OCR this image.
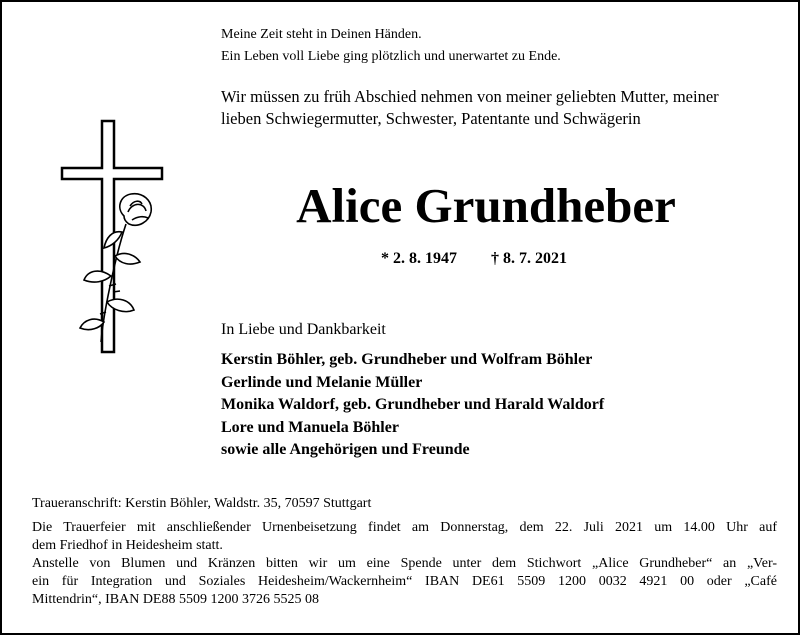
Meine Zeit steht in Deinen Händen.
Ein Leben voll Liebe ging plötzlich und unerwartet zu Ende.
Wir müssen zu früh Abschied nehmen von meiner geliebten Mutter, meiner
lieben Schwiegermutter, Schwester, Patentante und Schwägerin
Alice Grundheber
* 2. 8. 1947 † 8. 7. 2021
In Liebe und Dankbarkeit
Kerstin Böhler, geb. Grundheber und Wolfram Böhler
Gerlinde und Melanie Müller
Monika Waldorf, geb. Grundheber und Harald Waldorf
Lore und Manuela Böhler
sowie alle Angehörigen und Freunde
Traueranschrift: Kerstin Böhler, Waldstr. 35, 70597 Stuttgart
Die Trauerfeier mit anschließender Urnenbeisetzung findet am Donnerstag, dem 22. Juli 2021 um 14.00 Uhr auf
dem Friedhof in Heidesheim statt.
Anstelle von Blumen und Kränzen bitten wir um eine Spende unter dem Stichwort „Alice Grundheber“ an „Ver-
ein für Integration und Soziales Heidesheim/Wackernheim“ IBAN DE61 5509 1200 0032 4921 00 oder „Café
Mittendrin“, IBAN DE88 5509 1200 3726 5525 08
